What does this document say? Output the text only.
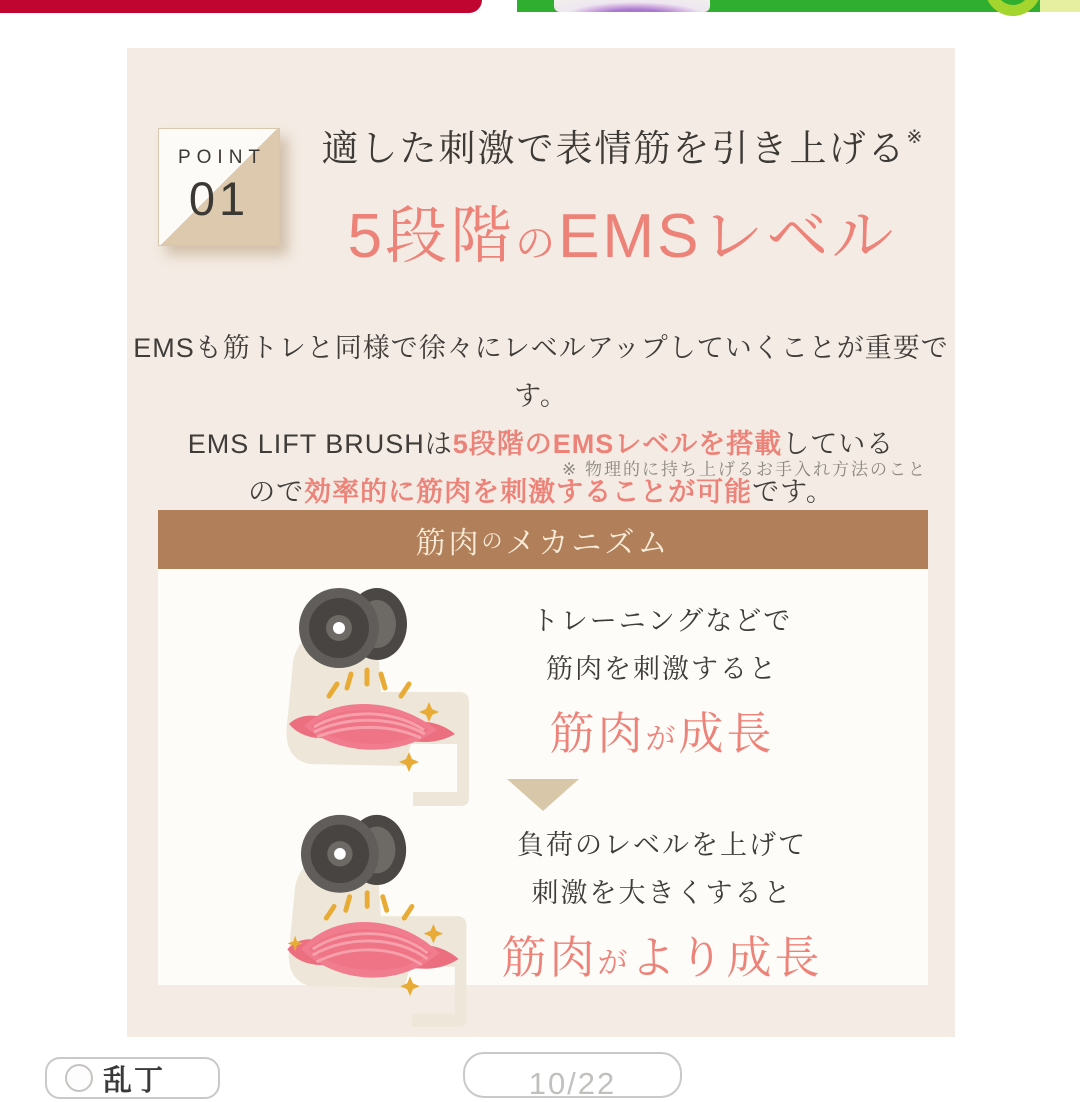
POINT
01
適した刺激で表情筋を引き上げる※
5段階のEMSレベル
EMSも筋トレと同様で徐々にレベルアップしていくことが重要です。
EMS LIFT BRUSHは5段階のEMSレベルを搭載している
ので効率的に筋肉を刺激することが可能です。
※ 物理的に持ち上げるお手入れ方法のこと
筋肉 の メカニズム
トレーニングなどで
筋肉を刺激すると
筋肉が成長
負荷のレベルを上げて
刺激を大きくすると
筋肉がより成長
乱丁	10/22
